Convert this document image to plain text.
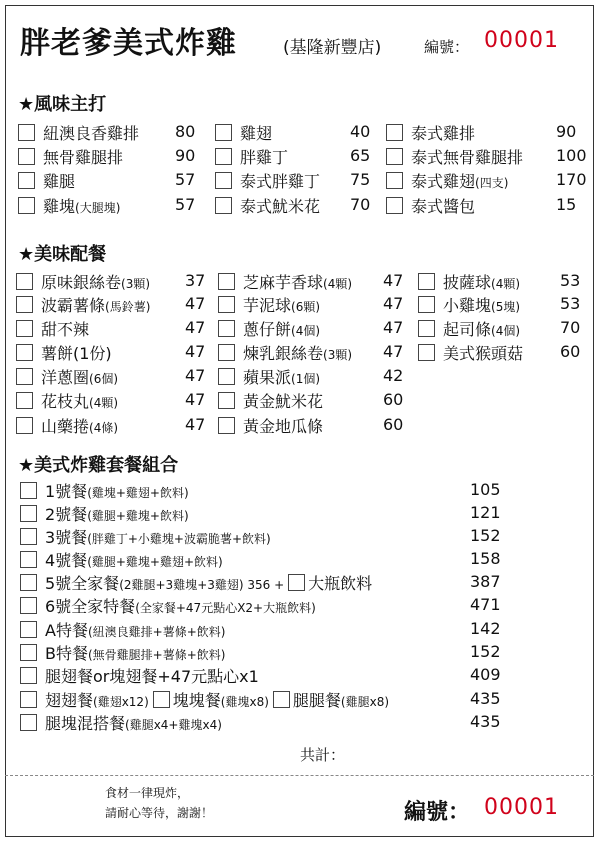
胖老爹美式炸雞	(基隆新豐店)	編號： 00001
★風味主打
★美味配餐
★美式炸雞套餐組合
紐澳良香雞排 80
無骨雞腿排	90
雞腿	57
雞塊(大腿塊)	57
雞翅	40
胖雞丁	65
泰式胖雞丁 75
泰式魷米花 70
泰式雞排	90
泰式無骨雞腿排 100
泰式雞翅(四支)	170
泰式醬包	15
原味銀絲卷(3顆) 37
波霸薯條(馬鈴薯) 47
甜不辣	47
薯餅(1份)	47
洋蔥圈(6個)	47
花枝丸(4顆)	47
山藥捲(4條)	47
芝麻芋香球(4顆) 47
芋泥球(6顆)	47
蔥仔餅(4個)	47
煉乳銀絲卷(3顆) 47
蘋果派(1個)	42
黃金魷米花	60
黃金地瓜條	60
披薩球(4顆) 53
小雞塊(5塊) 53
起司條(4個) 70
美式猴頭菇 60
1號餐(雞塊+雞翅+飲料)	105
2號餐(雞腿+雞塊+飲料)	121
3號餐(胖雞丁+小雞塊+波霸脆薯+飲料)	152
4號餐(雞腿+雞塊+雞翅+飲料)	158
5號全家餐(2雞腿+3雞塊+3雞翅) 356 + 大瓶飲料	387
6號全家特餐(全家餐+47元點心X2+大瓶飲料)	471
A特餐(紐澳良雞排+薯條+飲料)	142
B特餐(無骨雞腿排+薯條+飲料)	152
腿翅餐or塊翅餐+47元點心x1	409
翅翅餐(雞翅x12) 塊塊餐(雞塊x8) 腿腿餐(雞腿x8)	435
腿塊混搭餐(雞腿x4+雞塊x4)	435
共計：
食材一律現炸，
請耐心等待，謝謝！	編號： 00001
